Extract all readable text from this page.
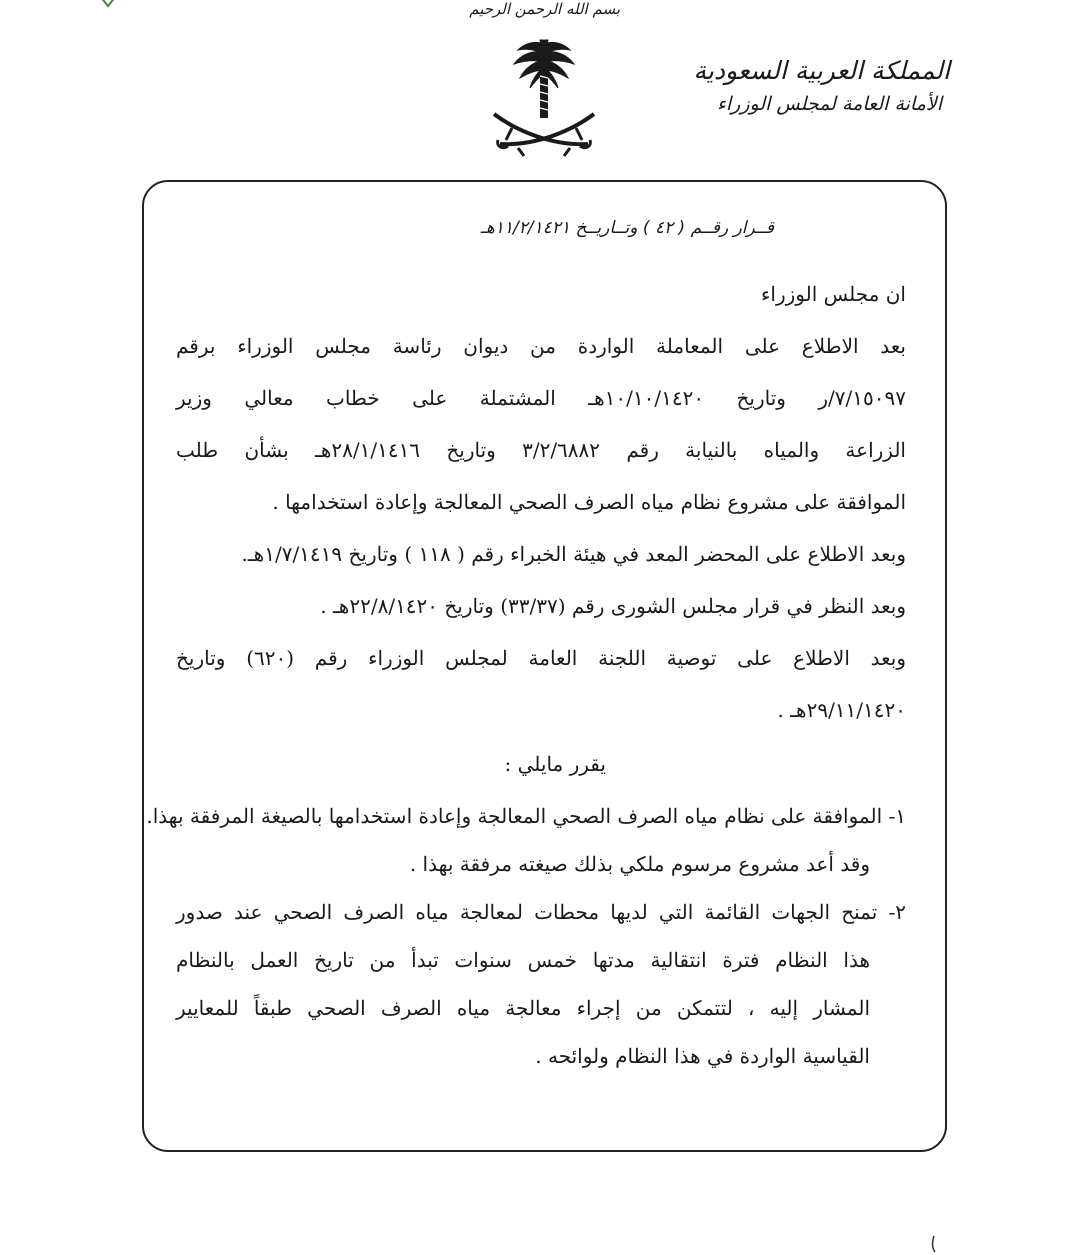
بسم الله الرحمن الرحيم
المملكة العربية السعودية
الأمانة العامة لمجلس الوزراء
قــرار رقــم ( ٤٢ ) وتــاريــخ ١١/٢/١٤٢١هـ
ان مجلس الوزراء
بعد الاطلاع على المعاملة الواردة من ديوان رئاسة مجلس الوزراء برقم
٧/١٥٠٩٧/ر وتاريخ ١٠/١٠/١٤٢٠هـ المشتملة على خطاب معالي وزير
الزراعة والمياه بالنيابة رقم ٣/٢/٦٨٨٢ وتاريخ ٢٨/١/١٤١٦هـ بشأن طلب
الموافقة على مشروع نظام مياه الصرف الصحي المعالجة وإعادة استخدامها .
وبعد الاطلاع على المحضر المعد في هيئة الخبراء رقم ( ١١٨ ) وتاريخ ١/٧/١٤١٩هـ.
وبعد النظر في قرار مجلس الشورى رقم (٣٣/٣٧) وتاريخ ٢٢/٨/١٤٢٠هـ .
وبعد الاطلاع على توصية اللجنة العامة لمجلس الوزراء رقم (٦٢٠) وتاريخ
٢٩/١١/١٤٢٠هـ .
يقرر مايلي :
١- الموافقة على نظام مياه الصرف الصحي المعالجة وإعادة استخدامها بالصيغة المرفقة بهذا.
وقد أعد مشروع مرسوم ملكي بذلك صيغته مرفقة بهذا .
٢- تمنح الجهات القائمة التي لديها محطات لمعالجة مياه الصرف الصحي عند صدور
هذا النظام فترة انتقالية مدتها خمس سنوات تبدأ من تاريخ العمل بالنظام
المشار إليه ، لتتمكن من إجراء معالجة مياه الصرف الصحي طبقاً للمعايير
القياسية الواردة في هذا النظام ولوائحه .
